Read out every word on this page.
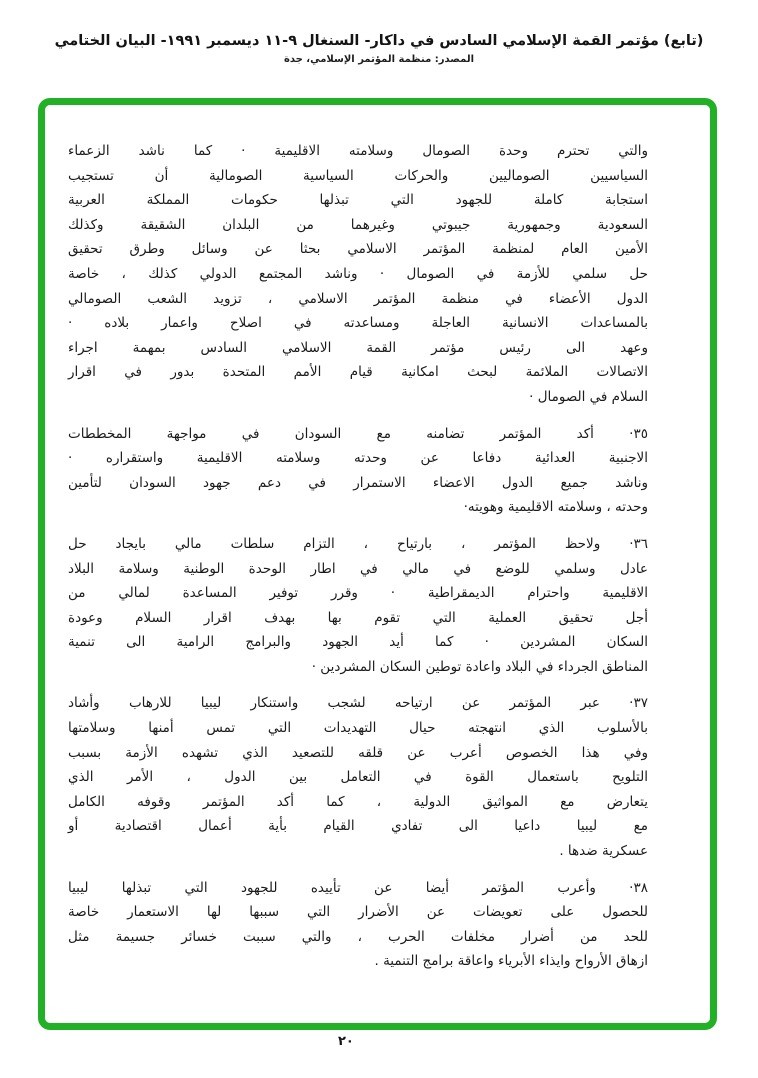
(تابع) مؤتمر القمة الإسلامي السادس في داكار- السنغال ٩-١١ ديسمبر ١٩٩١- البيان الختامي
المصدر: منظمة المؤتمر الإسلامي، جدة
والتي تحترم وحدة الصومال وسلامته الاقليمية · كما ناشد الزعماء
السياسيين الصوماليين والحركات السياسية الصومالية أن تستجيب
استجابة كاملة للجهود التي تبذلها حكومات المملكة العربية
السعودية وجمهورية جيبوتي وغيرهما من البلدان الشقيقة وكذلك
الأمين العام لمنظمة المؤتمر الاسلامي بحثا عن وسائل وطرق تحقيق
حل سلمي للأزمة في الصومال · وناشد المجتمع الدولي كذلك ، خاصة
الدول الأعضاء في منظمة المؤتمر الاسلامي ، تزويد الشعب الصومالي
بالمساعدات الانسانية العاجلة ومساعدته في اصلاح واعمار بلاده ·
وعهد الى رئيس مؤتمر القمة الاسلامي السادس بمهمة اجراء
الاتصالات الملائمة لبحث امكانية قيام الأمم المتحدة بدور في اقرار
السلام في الصومال ·
٣٥· أكد المؤتمر تضامنه مع السودان في مواجهة المخططات
الاجنبية العدائية دفاعا عن وحدته وسلامته الاقليمية واستقراره ·
وناشد جميع الدول الاعضاء الاستمرار في دعم جهود السودان لتأمين
وحدته ، وسلامته الاقليمية وهويته·
٣٦· ولاحظ المؤتمر ، بارتياح ، التزام سلطات مالي بايجاد حل
عادل وسلمي للوضع في مالي في اطار الوحدة الوطنية وسلامة البلاد
الاقليمية واحترام الديمقراطية · وقرر توفير المساعدة لمالي من
أجل تحقيق العملية التي تقوم بها بهدف اقرار السلام وعودة
السكان المشردين · كما أيد الجهود والبرامج الرامية الى تنمية
المناطق الجرداء في البلاد واعادة توطين السكان المشردين ·
٣٧· عبر المؤتمر عن ارتياحه لشجب واستنكار ليبيا للارهاب وأشاد
بالأسلوب الذي انتهجته حيال التهديدات التي تمس أمنها وسلامتها
وفي هذا الخصوص أعرب عن قلقه للتصعيد الذي تشهده الأزمة بسبب
التلويح باستعمال القوة في التعامل بين الدول ، الأمر الذي
يتعارض مع المواثيق الدولية ، كما أكد المؤتمر وقوفه الكامل
مع ليبيا داعيا الى تفادي القيام بأية أعمال اقتصادية أو
عسكرية ضدها .
٣٨· وأعرب المؤتمر أيضا عن تأييده للجهود التي تبذلها ليبيا
للحصول على تعويضات عن الأضرار التي سببها لها الاستعمار خاصة
للحد من أضرار مخلفات الحرب ، والتي سببت خسائر جسيمة مثل
ازهاق الأرواح وايذاء الأبرياء واعاقة برامج التنمية .
٢٠
